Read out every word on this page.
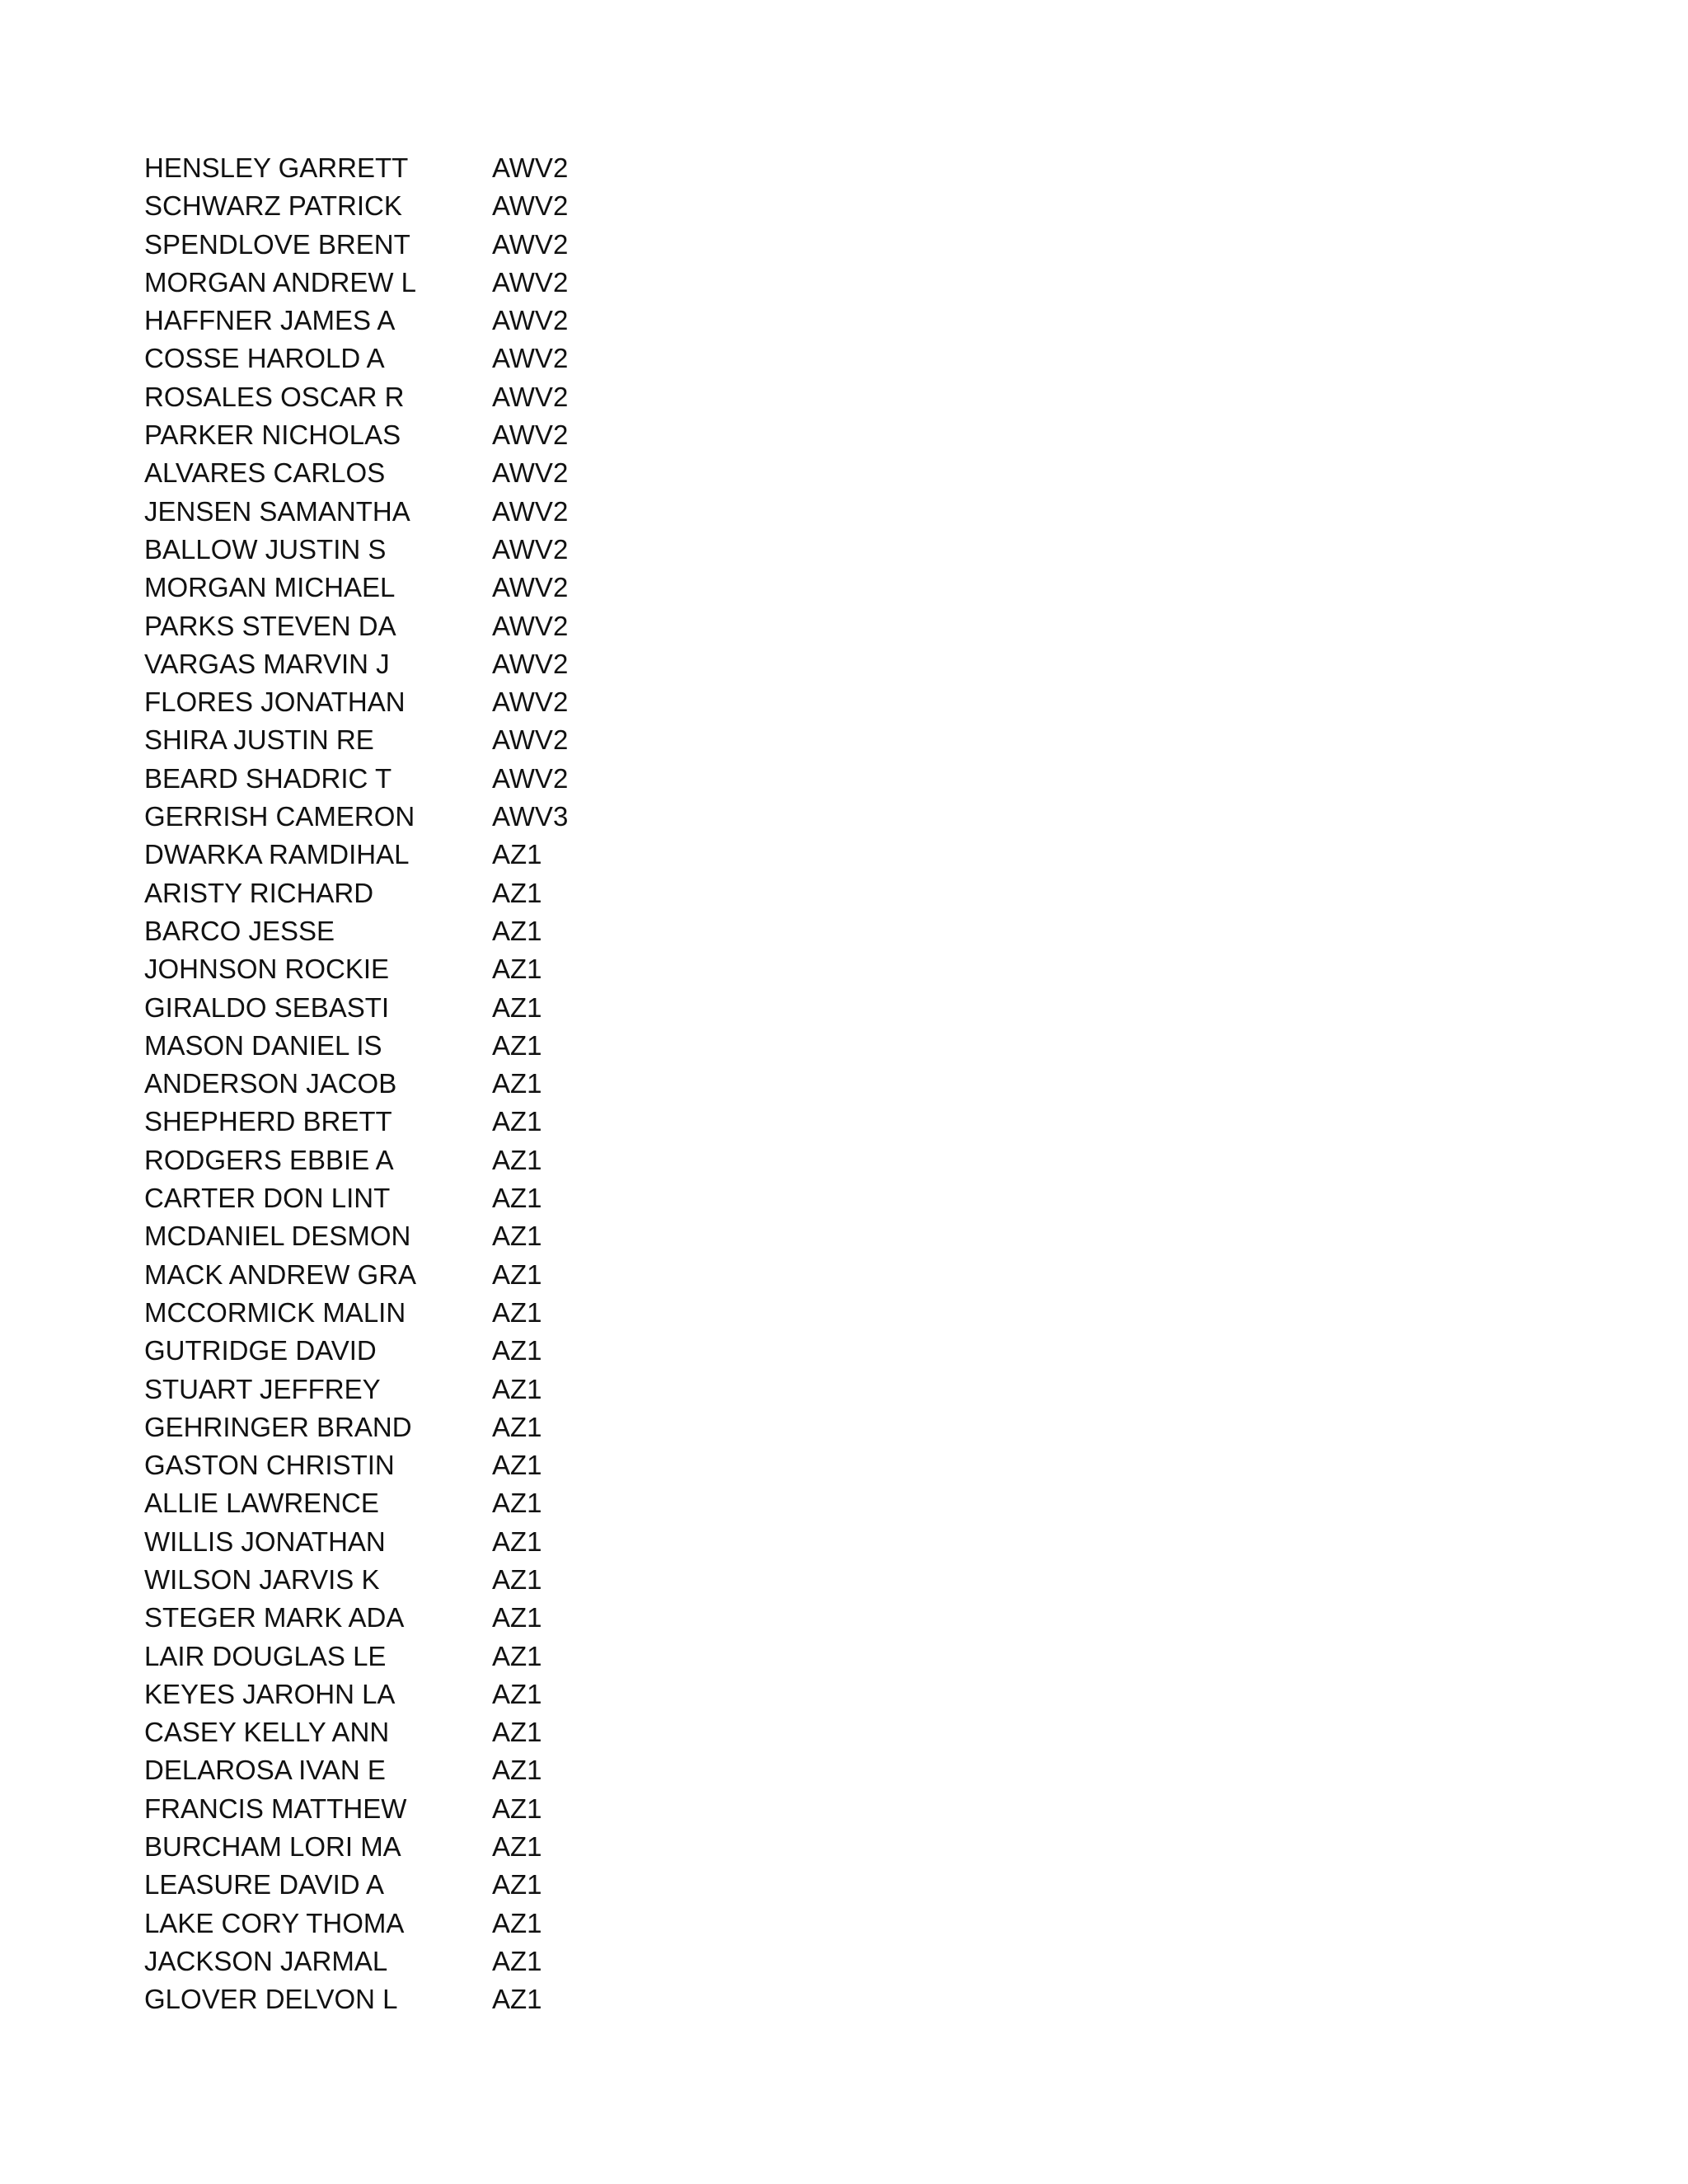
HENSLEY GARRETT	AWV2
SCHWARZ PATRICK	AWV2
SPENDLOVE BRENT	AWV2
MORGAN ANDREW L	AWV2
HAFFNER JAMES A	AWV2
COSSE HAROLD A	AWV2
ROSALES OSCAR R	AWV2
PARKER NICHOLAS	AWV2
ALVARES CARLOS	AWV2
JENSEN SAMANTHA	AWV2
BALLOW JUSTIN S	AWV2
MORGAN MICHAEL	AWV2
PARKS STEVEN DA	AWV2
VARGAS MARVIN J	AWV2
FLORES JONATHAN	AWV2
SHIRA JUSTIN RE	AWV2
BEARD SHADRIC T	AWV2
GERRISH CAMERON	AWV3
DWARKA RAMDIHAL	AZ1
ARISTY RICHARD	AZ1
BARCO JESSE	AZ1
JOHNSON ROCKIE	AZ1
GIRALDO SEBASTI	AZ1
MASON DANIEL IS	AZ1
ANDERSON JACOB	AZ1
SHEPHERD BRETT	AZ1
RODGERS EBBIE A	AZ1
CARTER DON LINT	AZ1
MCDANIEL DESMON	AZ1
MACK ANDREW GRA	AZ1
MCCORMICK MALIN	AZ1
GUTRIDGE DAVID	AZ1
STUART JEFFREY	AZ1
GEHRINGER BRAND	AZ1
GASTON CHRISTIN	AZ1
ALLIE LAWRENCE	AZ1
WILLIS JONATHAN	AZ1
WILSON JARVIS K	AZ1
STEGER MARK ADA	AZ1
LAIR DOUGLAS LE	AZ1
KEYES JAROHN LA	AZ1
CASEY KELLY ANN	AZ1
DELAROSA IVAN E	AZ1
FRANCIS MATTHEW	AZ1
BURCHAM LORI MA	AZ1
LEASURE DAVID A	AZ1
LAKE CORY THOMA	AZ1
JACKSON JARMAL	AZ1
GLOVER DELVON L	AZ1
